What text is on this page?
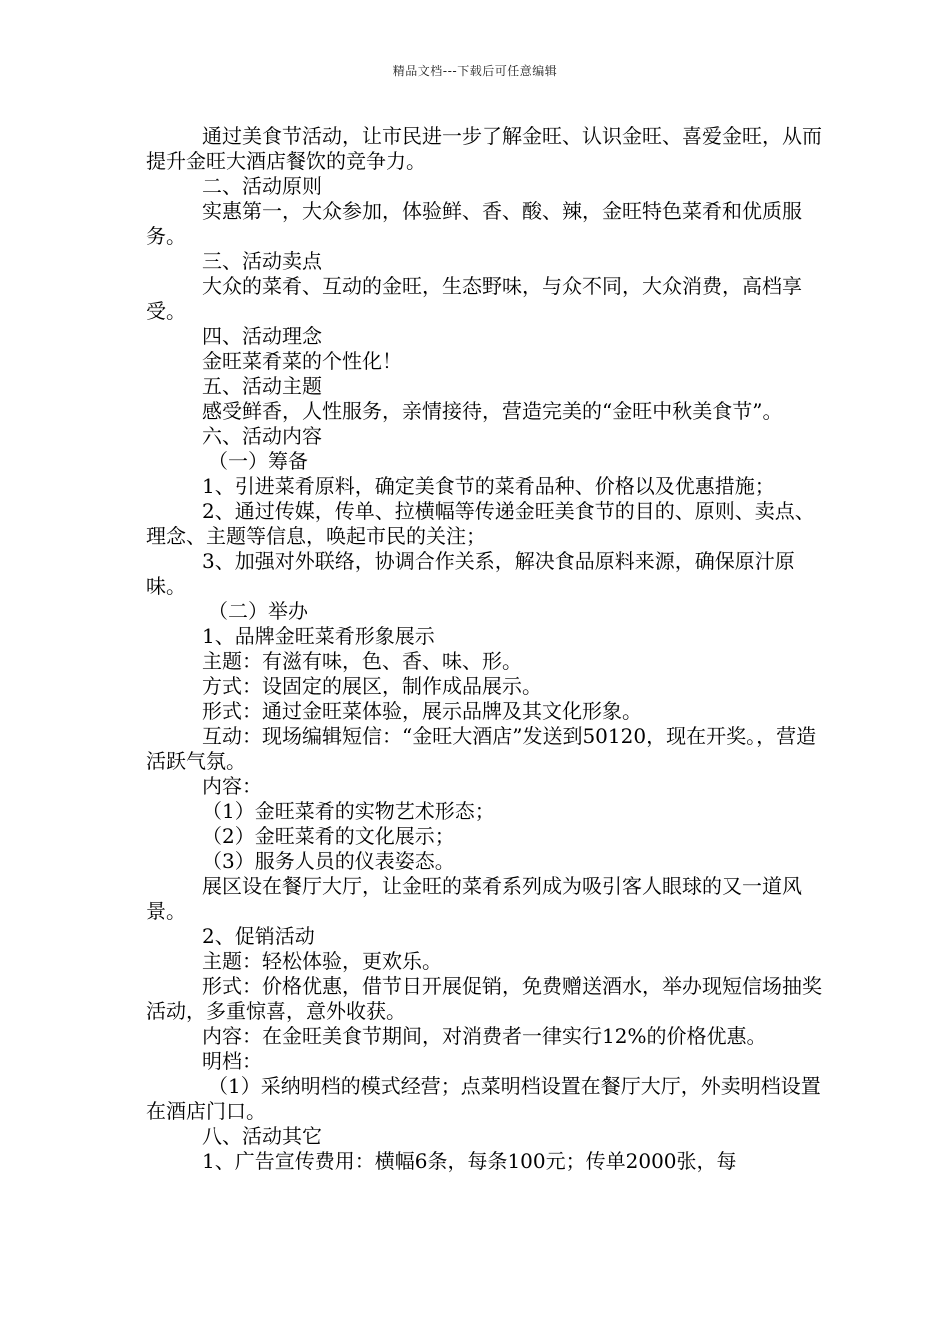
精品文档---下载后可任意编辑

通过美食节活动，让市民进一步了解金旺、认识金旺、喜爱金旺，从而提升金旺大酒店餐饮的竞争力。

二、活动原则

实惠第一，大众参加，体验鲜、香、酸、辣，金旺特色菜肴和优质服务。

三、活动卖点

大众的菜肴、互动的金旺，生态野味，与众不同，大众消费，高档享受。

四、活动理念

金旺菜肴菜的个性化！

五、活动主题

感受鲜香，人性服务，亲情接待，营造完美的“金旺中秋美食节”。

六、活动内容

（一）筹备

1、引进菜肴原料，确定美食节的菜肴品种、价格以及优惠措施；

2、通过传媒，传单、拉横幅等传递金旺美食节的目的、原则、卖点、理念、主题等信息，唤起市民的关注；

3、加强对外联络，协调合作关系，解决食品原料来源，确保原汁原味。

（二）举办

1、品牌金旺菜肴形象展示

主题：有滋有味，色、香、味、形。

方式：设固定的展区，制作成品展示。

形式：通过金旺菜体验，展示品牌及其文化形象。

互动：现场编辑短信：“金旺大酒店”发送到50120，现在开奖。，营造活跃气氛。

内容：

（1）金旺菜肴的实物艺术形态；

（2）金旺菜肴的文化展示；

（3）服务人员的仪表姿态。

展区设在餐厅大厅，让金旺的菜肴系列成为吸引客人眼球的又一道风景。

2、促销活动

主题：轻松体验，更欢乐。

形式：价格优惠，借节日开展促销，免费赠送酒水，举办现短信场抽奖活动，多重惊喜，意外收获。

内容：在金旺美食节期间，对消费者一律实行12%的价格优惠。

明档：

（1）采纳明档的模式经营；点菜明档设置在餐厅大厅，外卖明档设置在酒店门口。

八、活动其它

1、广告宣传费用：横幅6条，每条100元；传单2000张，每
